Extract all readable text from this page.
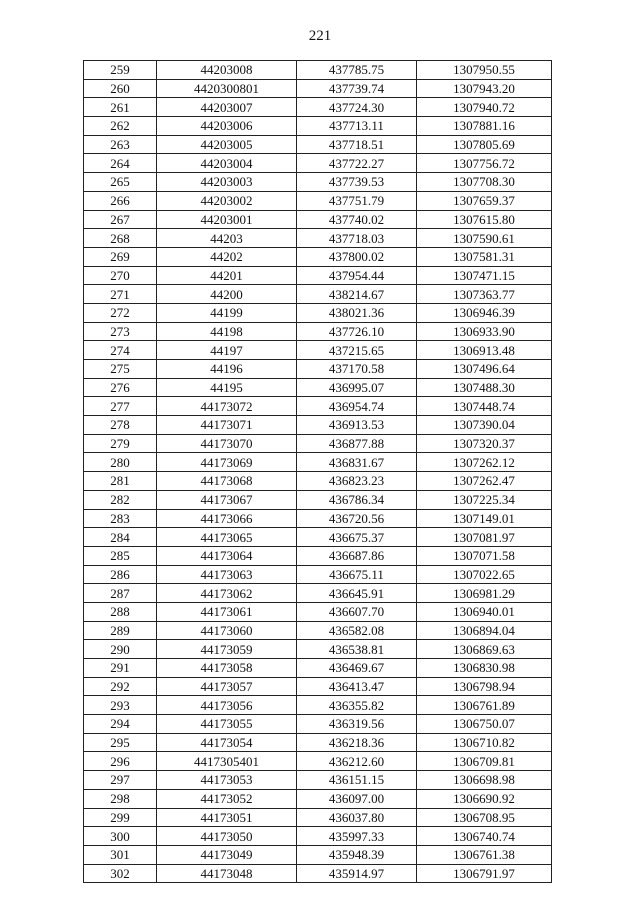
221
259	44203008	437785.75	1307950.55
260	4420300801	437739.74	1307943.20
261	44203007	437724.30	1307940.72
262	44203006	437713.11	1307881.16
263	44203005	437718.51	1307805.69
264	44203004	437722.27	1307756.72
265	44203003	437739.53	1307708.30
266	44203002	437751.79	1307659.37
267	44203001	437740.02	1307615.80
268	44203	437718.03	1307590.61
269	44202	437800.02	1307581.31
270	44201	437954.44	1307471.15
271	44200	438214.67	1307363.77
272	44199	438021.36	1306946.39
273	44198	437726.10	1306933.90
274	44197	437215.65	1306913.48
275	44196	437170.58	1307496.64
276	44195	436995.07	1307488.30
277	44173072	436954.74	1307448.74
278	44173071	436913.53	1307390.04
279	44173070	436877.88	1307320.37
280	44173069	436831.67	1307262.12
281	44173068	436823.23	1307262.47
282	44173067	436786.34	1307225.34
283	44173066	436720.56	1307149.01
284	44173065	436675.37	1307081.97
285	44173064	436687.86	1307071.58
286	44173063	436675.11	1307022.65
287	44173062	436645.91	1306981.29
288	44173061	436607.70	1306940.01
289	44173060	436582.08	1306894.04
290	44173059	436538.81	1306869.63
291	44173058	436469.67	1306830.98
292	44173057	436413.47	1306798.94
293	44173056	436355.82	1306761.89
294	44173055	436319.56	1306750.07
295	44173054	436218.36	1306710.82
296	4417305401	436212.60	1306709.81
297	44173053	436151.15	1306698.98
298	44173052	436097.00	1306690.92
299	44173051	436037.80	1306708.95
300	44173050	435997.33	1306740.74
301	44173049	435948.39	1306761.38
302	44173048	435914.97	1306791.97
